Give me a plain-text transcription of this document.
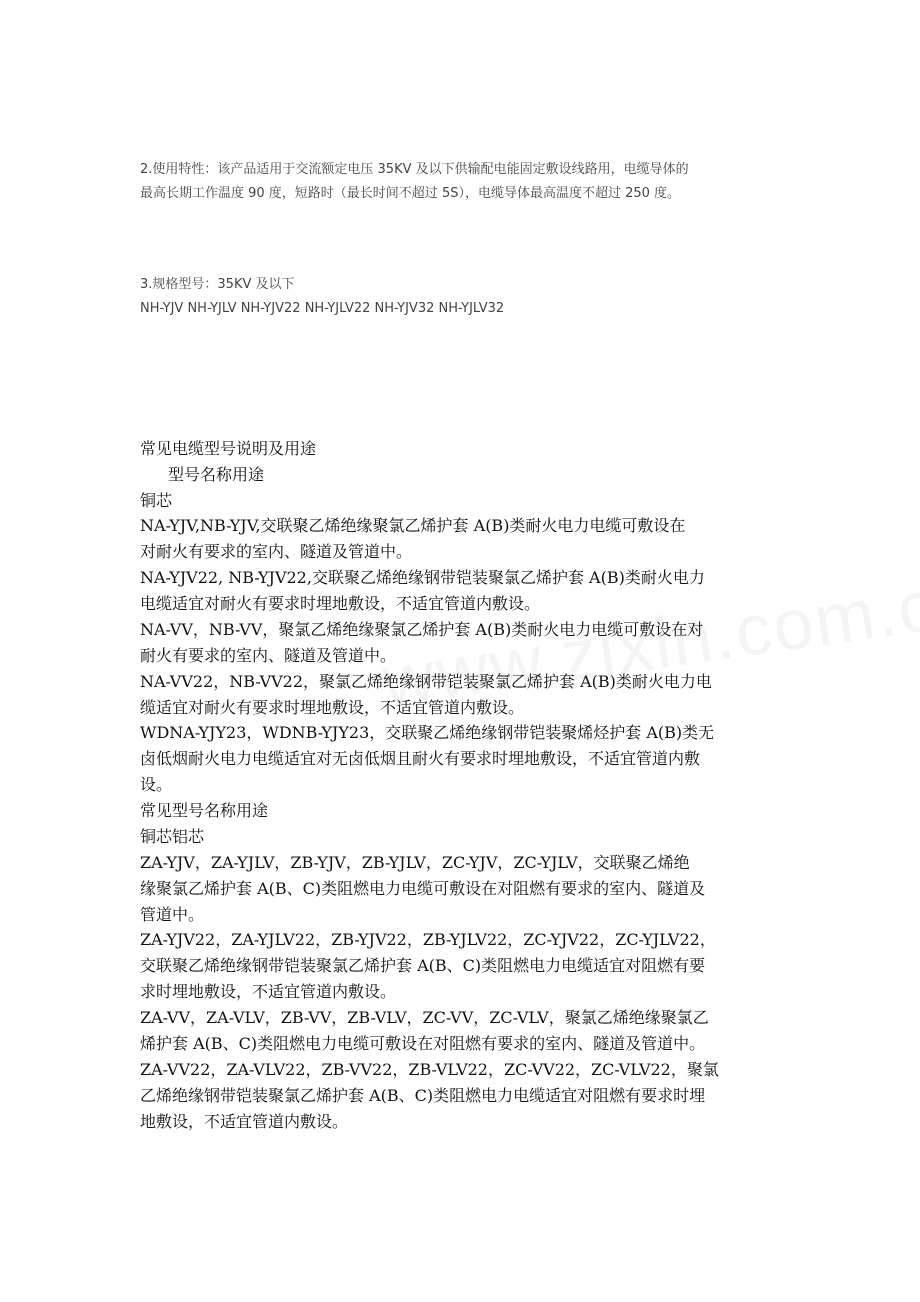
2.使用特性：该产品适用于交流额定电压 35KV 及以下供输配电能固定敷设线路用，电缆导体的
最高长期工作温度 90 度，短路时（最长时间不超过 5S），电缆导体最高温度不超过 250 度。
3.规格型号：35KV 及以下
NH-YJV NH-YJLV NH-YJV22 NH-YJLV22 NH-YJV32 NH-YJLV32
常见电缆型号说明及用途
型号名称用途
铜芯
NA-YJV,NB-YJV,交联聚乙烯绝缘聚氯乙烯护套 A(B)类耐火电力电缆可敷设在
对耐火有要求的室内、隧道及管道中。
NA-YJV22, NB-YJV22,交联聚乙烯绝缘钢带铠装聚氯乙烯护套 A(B)类耐火电力
电缆适宜对耐火有要求时埋地敷设，不适宜管道内敷设。
NA-VV，NB-VV，聚氯乙烯绝缘聚氯乙烯护套 A(B)类耐火电力电缆可敷设在对
耐火有要求的室内、隧道及管道中。
NA-VV22，NB-VV22，聚氯乙烯绝缘钢带铠装聚氯乙烯护套 A(B)类耐火电力电
缆适宜对耐火有要求时埋地敷设，不适宜管道内敷设。
WDNA-YJY23，WDNB-YJY23，交联聚乙烯绝缘钢带铠装聚烯烃护套 A(B)类无
卤低烟耐火电力电缆适宜对无卤低烟且耐火有要求时埋地敷设，不适宜管道内敷
设。
常见型号名称用途
铜芯铝芯
ZA-YJV，ZA-YJLV，ZB-YJV，ZB-YJLV，ZC-YJV，ZC-YJLV，交联聚乙烯绝
缘聚氯乙烯护套 A(B、C)类阻燃电力电缆可敷设在对阻燃有要求的室内、隧道及
管道中。
ZA-YJV22，ZA-YJLV22，ZB-YJV22，ZB-YJLV22，ZC-YJV22，ZC-YJLV22，
交联聚乙烯绝缘钢带铠装聚氯乙烯护套 A(B、C)类阻燃电力电缆适宜对阻燃有要
求时埋地敷设，不适宜管道内敷设。
ZA-VV，ZA-VLV，ZB-VV，ZB-VLV，ZC-VV，ZC-VLV，聚氯乙烯绝缘聚氯乙
烯护套 A(B、C)类阻燃电力电缆可敷设在对阻燃有要求的室内、隧道及管道中。
ZA-VV22，ZA-VLV22，ZB-VV22，ZB-VLV22，ZC-VV22，ZC-VLV22，聚氯
乙烯绝缘钢带铠装聚氯乙烯护套 A(B、C)类阻燃电力电缆适宜对阻燃有要求时埋
地敷设，不适宜管道内敷设。
